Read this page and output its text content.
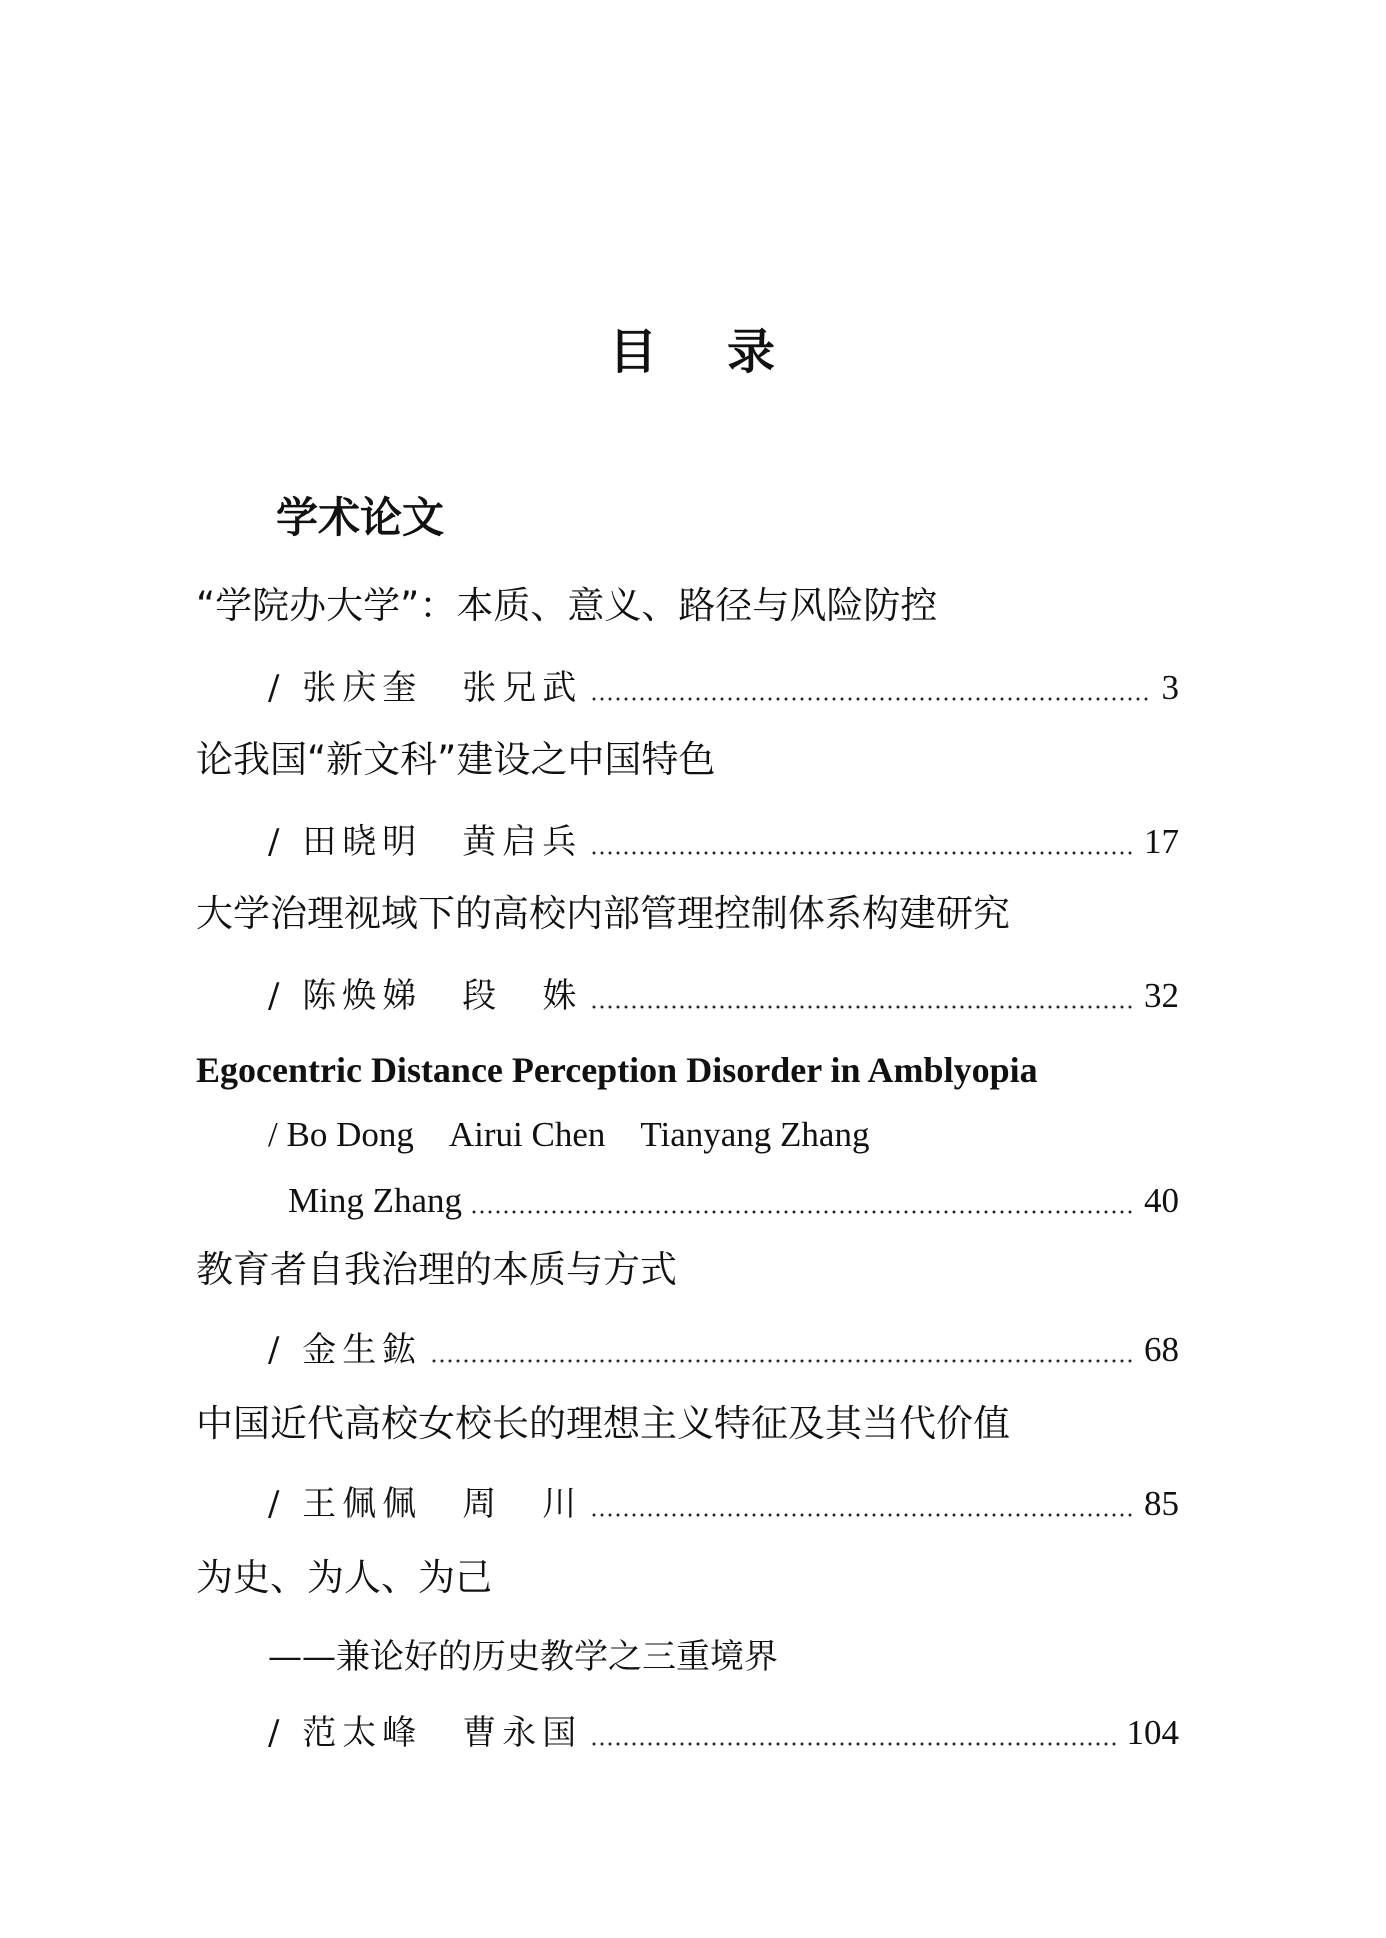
目 录
学术论文
“学院办大学”：本质、意义、路径与风险防控
/ 张庆奎　张兄武	3
论我国“新文科”建设之中国特色
/ 田晓明　黄启兵	17
大学治理视域下的高校内部管理控制体系构建研究
/ 陈焕娣　段　姝	32
Egocentric Distance Perception Disorder in Amblyopia
/ Bo Dong Airui Chen Tianyang Zhang
Ming Zhang	40
教育者自我治理的本质与方式
/ 金生鈜	68
中国近代高校女校长的理想主义特征及其当代价值
/ 王佩佩　周　川	85
为史、为人、为己
——兼论好的历史教学之三重境界
/ 范太峰　曹永国	104
